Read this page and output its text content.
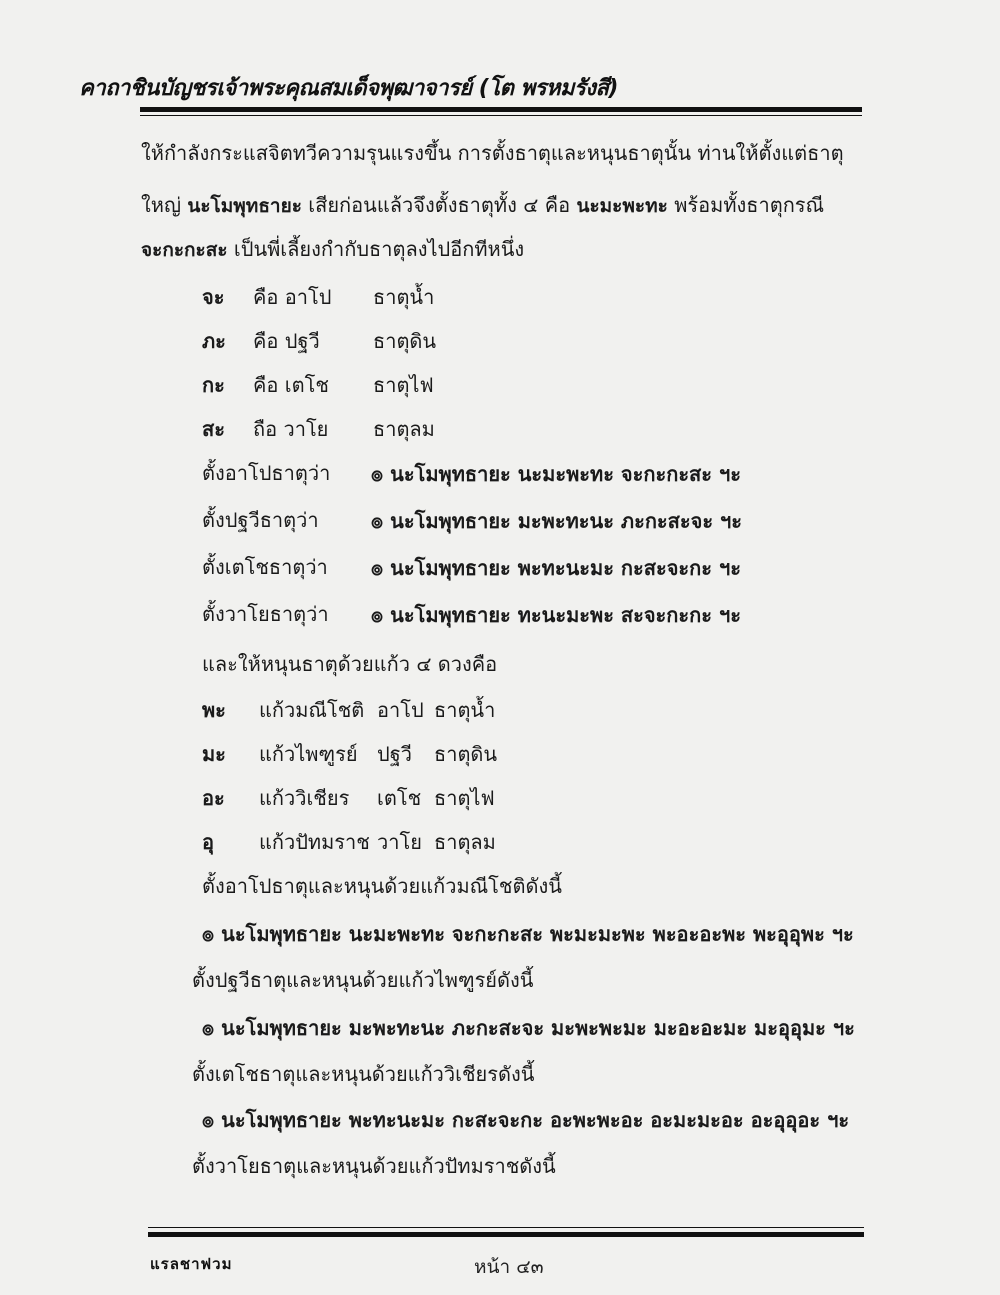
คาถาชินบัญชรเจ้าพระคุณสมเด็จพุฒาจารย์ (โต พรหมรังสี)
ให้กำลังกระแสจิตทวีความรุนแรงขึ้น การตั้งธาตุและหนุนธาตุนั้น ท่านให้ตั้งแต่ธาตุ
ใหญ่ นะโมพุทธายะ เสียก่อนแล้วจึงตั้งธาตุทั้ง ๔ คือ นะมะพะทะ พร้อมทั้งธาตุกรณี
จะกะกะสะ เป็นพี่เลี้ยงกำกับธาตุลงไปอีกทีหนึ่ง
จะ คือ อาโป ธาตุน้ำ
ภะ คือ ปฐวี	ธาตุดิน
กะ คือ เตโช ธาตุไฟ
สะ ถือ วาโย ธาตุลม
ตั้งอาโปธาตุว่า ๏ นะโมพุทธายะ นะมะพะทะ จะกะกะสะ ฯะ
ตั้งปฐวีธาตุว่า	๏ นะโมพุทธายะ มะพะทะนะ ภะกะสะจะ ฯะ
ตั้งเตโชธาตุว่า ๏ นะโมพุทธายะ พะทะนะมะ กะสะจะกะ ฯะ
ตั้งวาโยธาตุว่า ๏ นะโมพุทธายะ ทะนะมะพะ สะจะกะกะ ฯะ
และให้หนุนธาตุด้วยแก้ว ๔ ดวงคือ
พะ แก้วมณีโชติ อาโป ธาตุน้ำ
มะ แก้วไพฑูรย์ ปฐวี ธาตุดิน
อะ แก้ววิเชียร เตโช ธาตุไฟ
อุ แก้วปัทมราช วาโย ธาตุลม
ตั้งอาโปธาตุและหนุนด้วยแก้วมณีโชติดังนี้
๏ นะโมพุทธายะ นะมะพะทะ จะกะกะสะ พะมะมะพะ พะอะอะพะ พะอุอุพะ ฯะ
ตั้งปฐวีธาตุและหนุนด้วยแก้วไพฑูรย์ดังนี้
๏ นะโมพุทธายะ มะพะทะนะ ภะกะสะจะ มะพะพะมะ มะอะอะมะ มะอุอุมะ ฯะ
ตั้งเตโชธาตุและหนุนด้วยแก้ววิเชียรดังนี้
๏ นะโมพุทธายะ พะทะนะมะ กะสะจะกะ อะพะพะอะ อะมะมะอะ อะอุอุอะ ฯะ
ตั้งวาโยธาตุและหนุนด้วยแก้วปัทมราชดังนี้
แรลชาฟวม	หน้า ๔๓
